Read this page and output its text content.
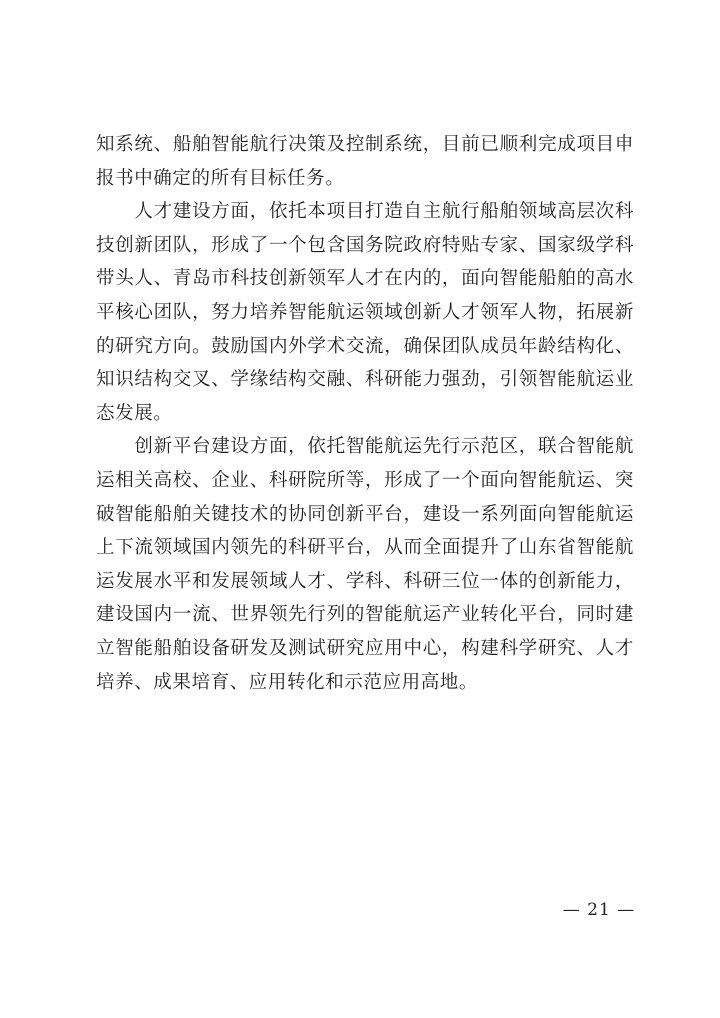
知系统、船舶智能航行决策及控制系统，目前已顺利完成项目申
报书中确定的所有目标任务。

　　人才建设方面，依托本项目打造自主航行船舶领域高层次科
技创新团队，形成了一个包含国务院政府特贴专家、国家级学科
带头人、青岛市科技创新领军人才在内的，面向智能船舶的高水
平核心团队，努力培养智能航运领域创新人才领军人物，拓展新
的研究方向。鼓励国内外学术交流，确保团队成员年龄结构化、
知识结构交叉、学缘结构交融、科研能力强劲，引领智能航运业
态发展。

　　创新平台建设方面，依托智能航运先行示范区，联合智能航
运相关高校、企业、科研院所等，形成了一个面向智能航运、突
破智能船舶关键技术的协同创新平台，建设一系列面向智能航运
上下流领域国内领先的科研平台，从而全面提升了山东省智能航
运发展水平和发展领域人才、学科、科研三位一体的创新能力，
建设国内一流、世界领先行列的智能航运产业转化平台，同时建
立智能船舶设备研发及测试研究应用中心，构建科学研究、人才
培养、成果培育、应用转化和示范应用高地。

— 21 —
